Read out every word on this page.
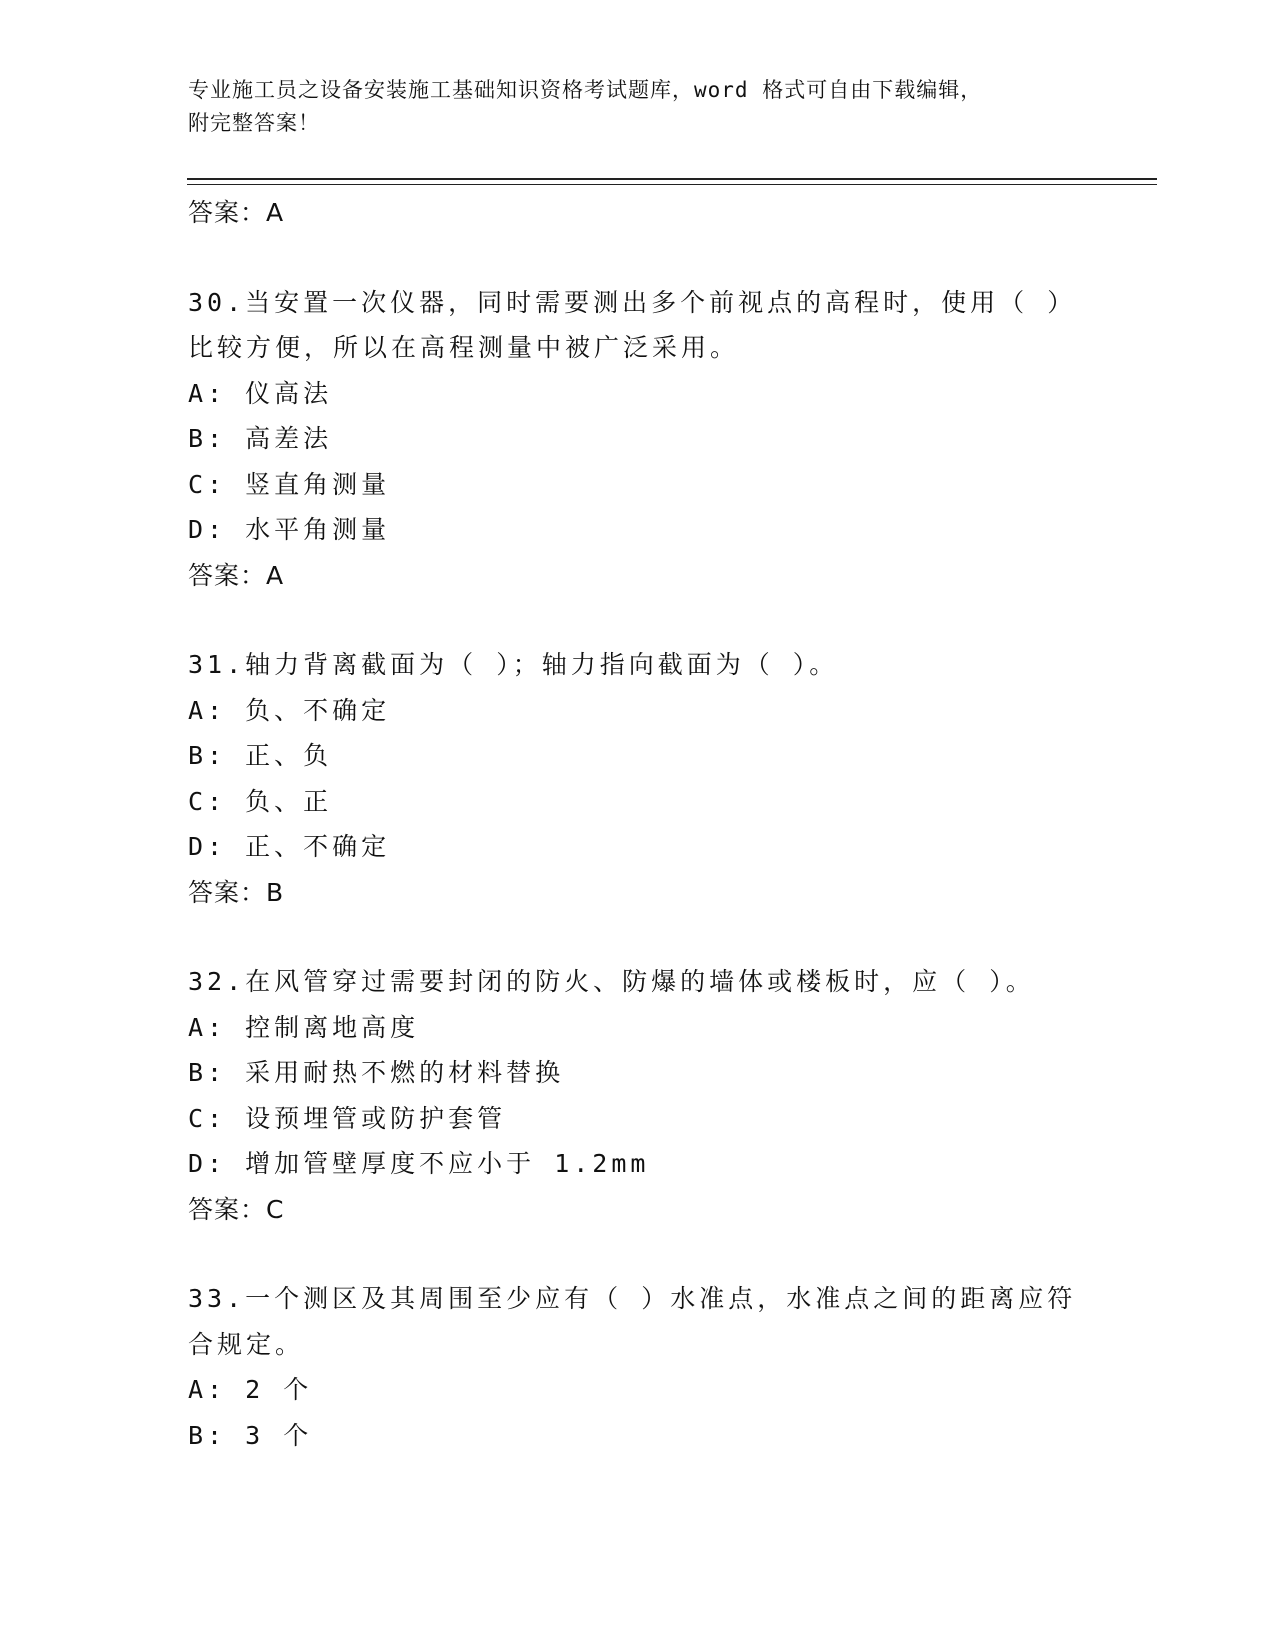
专业施工员之设备安装施工基础知识资格考试题库，word 格式可自由下载编辑，
附完整答案！
答案：A
30.当安置一次仪器，同时需要测出多个前视点的高程时，使用（ ）
比较方便，所以在高程测量中被广泛采用。
A: 仪高法
B: 高差法
C: 竖直角测量
D: 水平角测量
答案：A
31.轴力背离截面为（ ）；轴力指向截面为（ ）。
A: 负、不确定
B: 正、负
C: 负、正
D: 正、不确定
答案：B
32.在风管穿过需要封闭的防火、防爆的墙体或楼板时，应（ ）。
A: 控制离地高度
B: 采用耐热不燃的材料替换
C: 设预埋管或防护套管
D: 增加管壁厚度不应小于 1.2mm
答案：C
33.一个测区及其周围至少应有（ ）水准点，水准点之间的距离应符
合规定。
A: 2 个
B: 3 个
